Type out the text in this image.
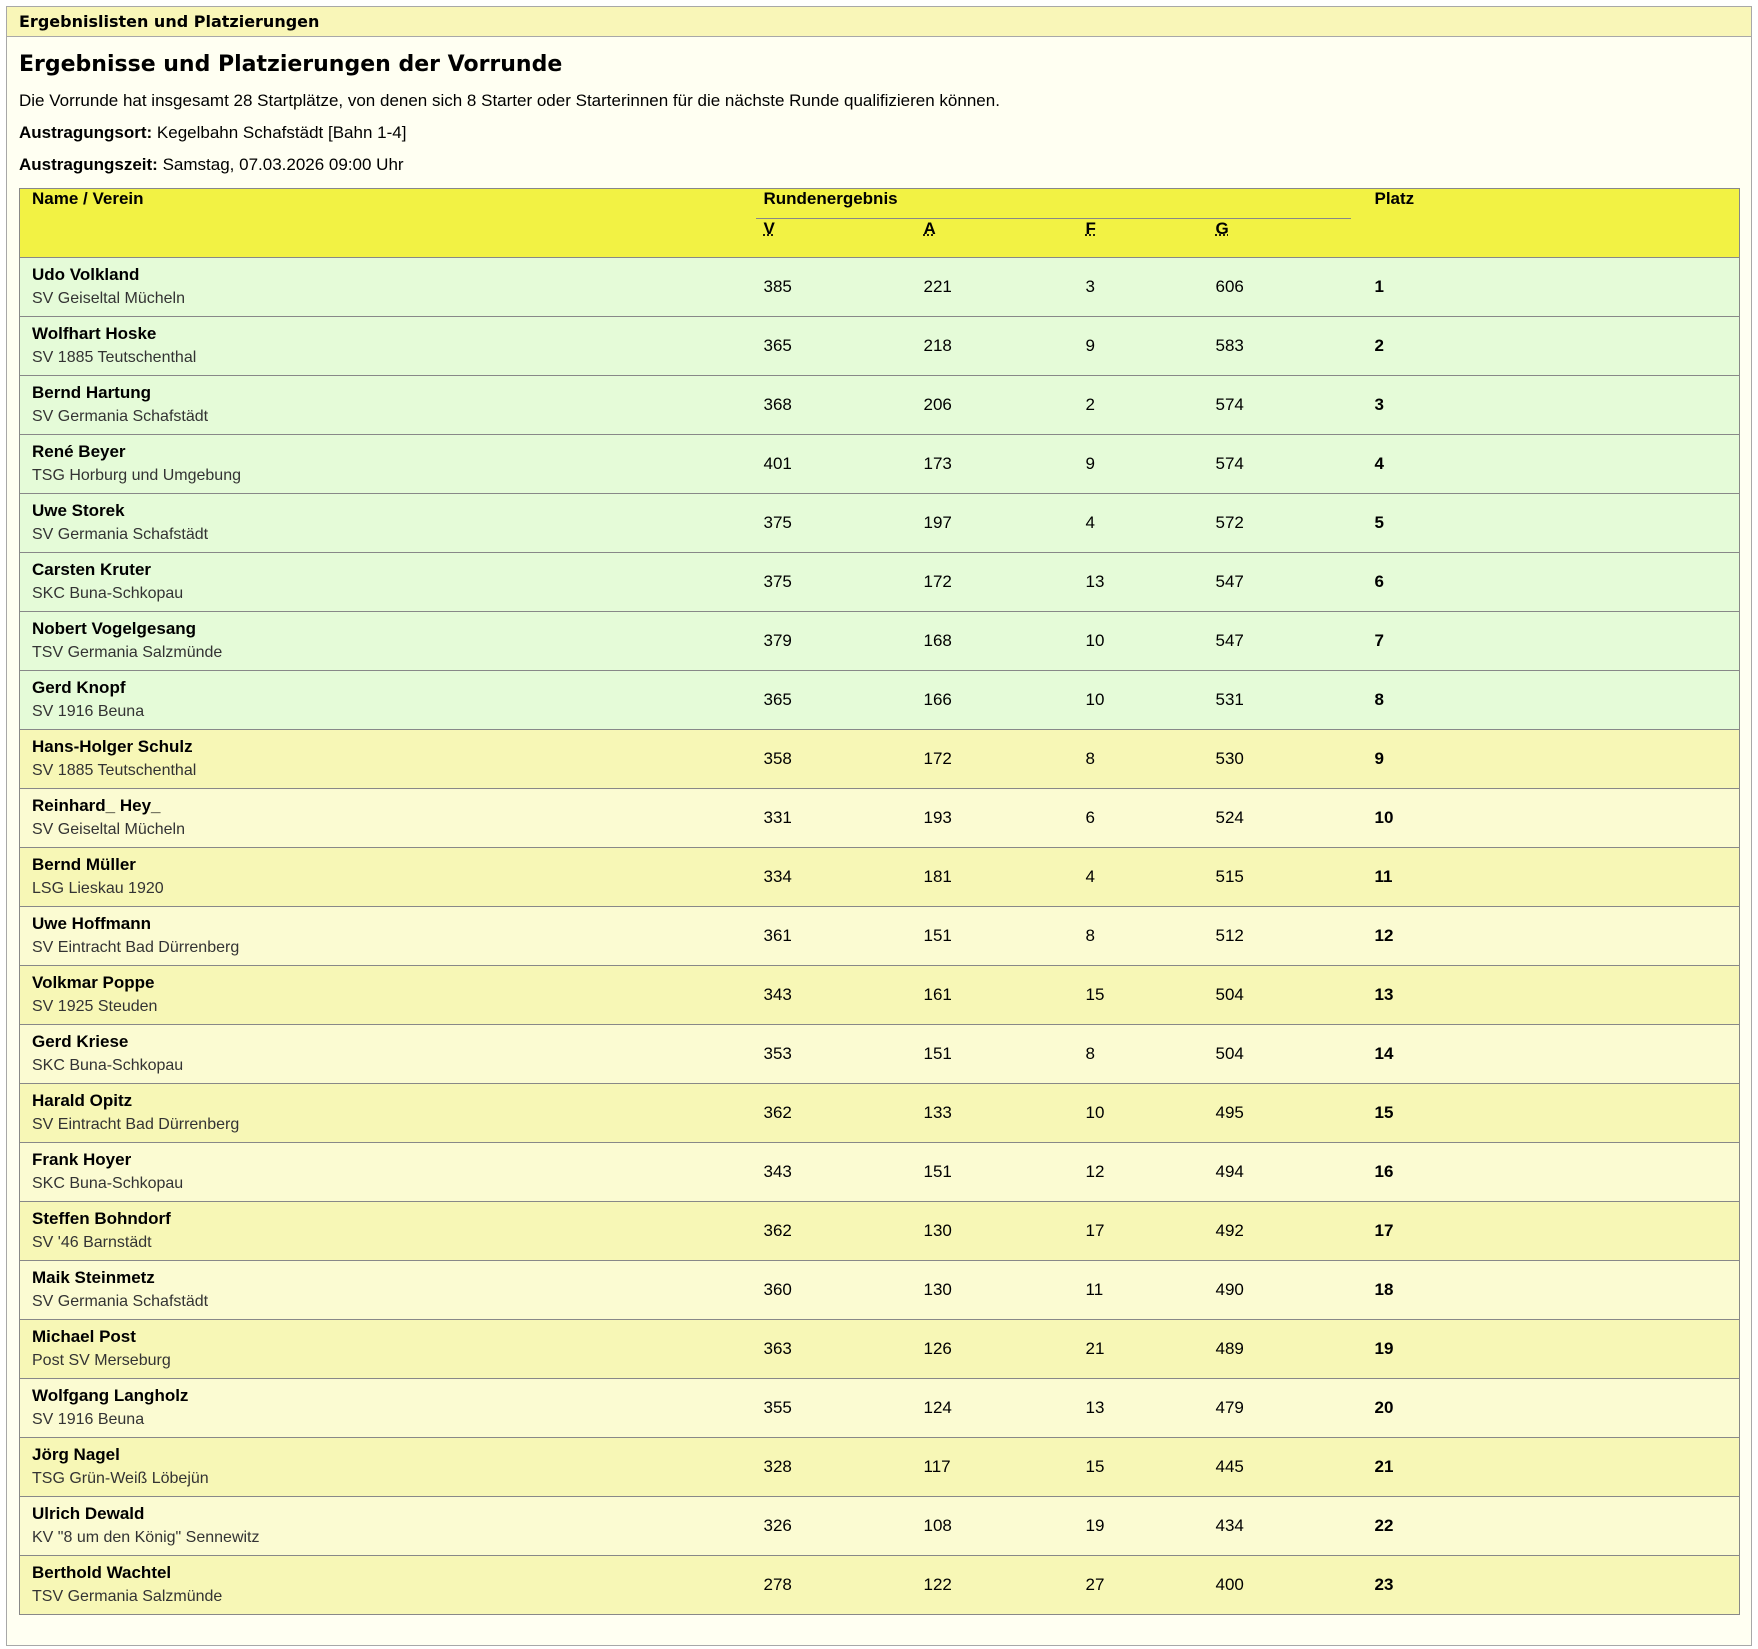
Ergebnislisten und Platzierungen
Ergebnisse und Platzierungen der Vorrunde

Die Vorrunde hat insgesamt 28 Startplätze, von denen sich 8 Starter oder Starterinnen für die nächste Runde qualifizieren können.

Austragungsort: Kegelbahn Schafstädt [Bahn 1-4]

Austragungszeit: Samstag, 07.03.2026 09:00 Uhr

Name / Verein	Rundenergebnis				Platz
	V	A	F	G	

Udo Volkland
SV Geiseltal Mücheln	385	221	3	606	1

Wolfhart Hoske
SV 1885 Teutschenthal	365	218	9	583	2

Bernd Hartung
SV Germania Schafstädt	368	206	2	574	3

René Beyer
TSG Horburg und Umgebung	401	173	9	574	4

Uwe Storek
SV Germania Schafstädt	375	197	4	572	5

Carsten Kruter
SKC Buna-Schkopau	375	172	13	547	6

Nobert Vogelgesang
TSV Germania Salzmünde	379	168	10	547	7

Gerd Knopf
SV 1916 Beuna	365	166	10	531	8

Hans-Holger Schulz
SV 1885 Teutschenthal	358	172	8	530	9

Reinhard_ Hey_
SV Geiseltal Mücheln	331	193	6	524	10

Bernd Müller
LSG Lieskau 1920	334	181	4	515	11

Uwe Hoffmann
SV Eintracht Bad Dürrenberg	361	151	8	512	12

Volkmar Poppe
SV 1925 Steuden	343	161	15	504	13

Gerd Kriese
SKC Buna-Schkopau	353	151	8	504	14

Harald Opitz
SV Eintracht Bad Dürrenberg	362	133	10	495	15

Frank Hoyer
SKC Buna-Schkopau	343	151	12	494	16

Steffen Bohndorf
SV '46 Barnstädt	362	130	17	492	17

Maik Steinmetz
SV Germania Schafstädt	360	130	11	490	18

Michael Post
Post SV Merseburg	363	126	21	489	19

Wolfgang Langholz
SV 1916 Beuna	355	124	13	479	20

Jörg Nagel
TSG Grün-Weiß Löbejün	328	117	15	445	21

Ulrich Dewald
KV "8 um den König" Sennewitz	326	108	19	434	22

Berthold Wachtel
TSV Germania Salzmünde	278	122	27	400	23
